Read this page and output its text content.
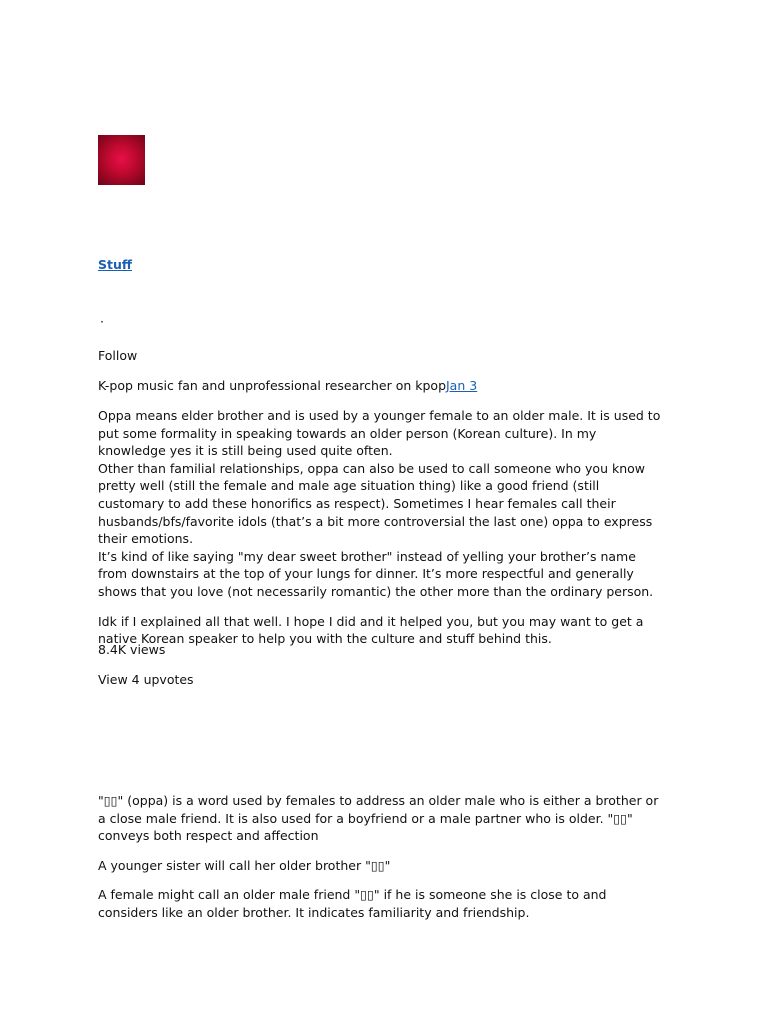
Stuff
·
Follow
K-pop music fan and unprofessional researcher on kpopJan 3

Oppa means elder brother and is used by a younger female to an older male. It is used to put some formality in speaking towards an older person (Korean culture). In my knowledge yes it is still being used quite often.

Other than familial relationships, oppa can also be used to call someone who you know pretty well (still the female and male age situation thing) like a good friend (still customary to add these honorifics as respect). Sometimes I hear females call their husbands/bfs/favorite idols (that’s a bit more controversial the last one) oppa to express their emotions.

It’s kind of like saying "my dear sweet brother" instead of yelling your brother’s name from downstairs at the top of your lungs for dinner. It’s more respectful and generally shows that you love (not necessarily romantic) the other more than the ordinary person.

Idk if I explained all that well. I hope I did and it helped you, but you may want to get a native Korean speaker to help you with the culture and stuff behind this.

8.4K views
View 4 upvotes

"▯▯" (oppa) is a word used by females to address an older male who is either a brother or a close male friend. It is also used for a boyfriend or a male partner who is older. "▯▯" conveys both respect and affection

A younger sister will call her older brother "▯▯"

A female might call an older male friend "▯▯" if he is someone she is close to and considers like an older brother. It indicates familiarity and friendship.
